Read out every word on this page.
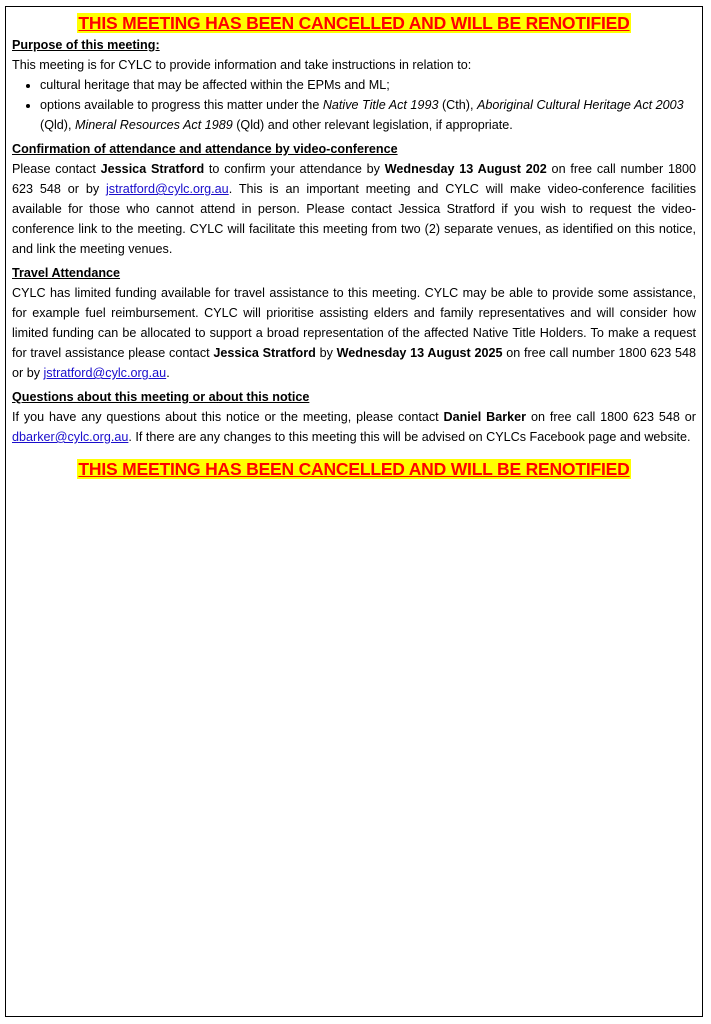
THIS MEETING HAS BEEN CANCELLED AND WILL BE RENOTIFIED
Purpose of this meeting:

This meeting is for CYLC to provide information and take instructions in relation to:

• cultural heritage that may be affected within the EPMs and ML;
• options available to progress this matter under the Native Title Act 1993 (Cth), Aboriginal Cultural Heritage Act 2003 (Qld), Mineral Resources Act 1989 (Qld) and other relevant legislation, if appropriate.
Confirmation of attendance and attendance by video-conference

Please contact Jessica Stratford to confirm your attendance by Wednesday 13 August 202 on free call number 1800 623 548 or by jstratford@cylc.org.au. This is an important meeting and CYLC will make video-conference facilities available for those who cannot attend in person. Please contact Jessica Stratford if you wish to request the video-conference link to the meeting. CYLC will facilitate this meeting from two (2) separate venues, as identified on this notice, and link the meeting venues.

Travel Attendance

CYLC has limited funding available for travel assistance to this meeting. CYLC may be able to provide some assistance, for example fuel reimbursement. CYLC will prioritise assisting elders and family representatives and will consider how limited funding can be allocated to support a broad representation of the affected Native Title Holders. To make a request for travel assistance please contact Jessica Stratford by Wednesday 13 August 2025 on free call number 1800 623 548 or by jstratford@cylc.org.au.

Questions about this meeting or about this notice

If you have any questions about this notice or the meeting, please contact Daniel Barker on free call 1800 623 548 or dbarker@cylc.org.au. If there are any changes to this meeting this will be advised on CYLCs Facebook page and website.

THIS MEETING HAS BEEN CANCELLED AND WILL BE RENOTIFIED
